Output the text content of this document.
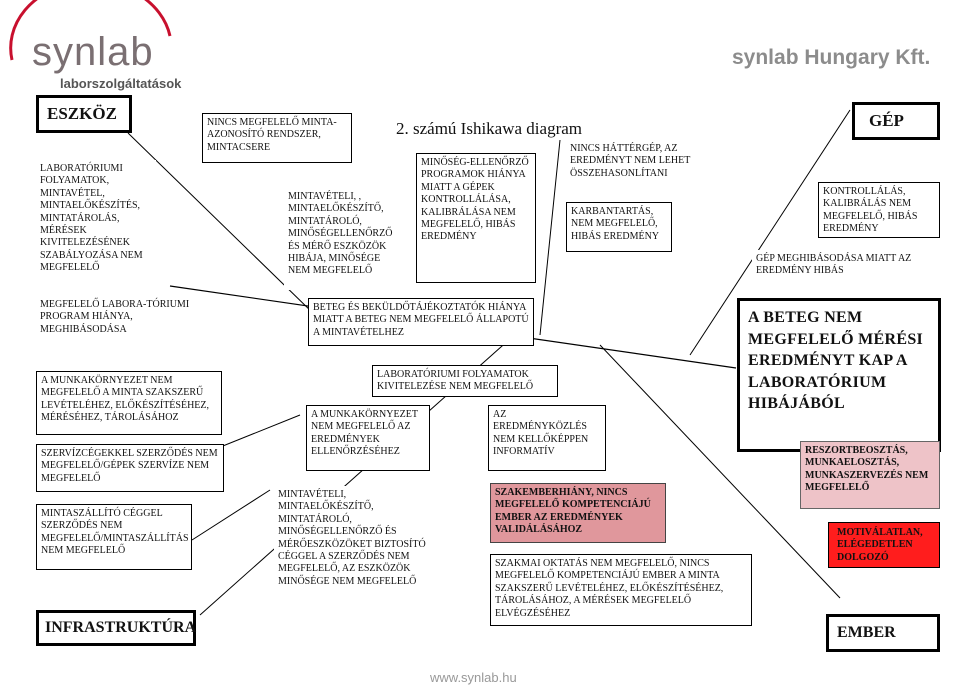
synlab
laborszolgáltatások
synlab Hungary Kft.
2. számú Ishikawa diagram
ESZKÖZ	GÉP
INFRASTRUKTÚRA	EMBER
A BETEG NEM MEGFELELŐ MÉRÉSI EREDMÉNYT KAP A LABORATÓRIUM HIBÁJÁBÓL
LABORATÓRIUMI FOLYAMATOK, MINTAVÉTEL, MINTAELŐKÉSZÍTÉS, MINTATÁROLÁS, MÉRÉSEK KIVITELEZÉSÉNEK SZABÁLYOZÁSA NEM MEGFELELŐ
NINCS MEGFELELŐ MINTA-AZONOSÍTÓ RENDSZER, MINTACSERE
MINTAVÉTELI, , MINTAELŐKÉSZÍTŐ, MINTATÁROLÓ, MINŐSÉGELLENŐRZŐ ÉS MÉRŐ ESZKÖZÖK HIBÁJA, MINŐSÉGE NEM MEGFELELŐ
MINŐSÉG-ELLENŐRZŐ PROGRAMOK HIÁNYA MIATT A GÉPEK KONTROLLÁLÁSA, KALIBRÁLÁSA NEM MEGFELELŐ, HIBÁS EREDMÉNY
NINCS HÁTTÉRGÉP, AZ EREDMÉNYT NEM LEHET ÖSSZEHASONLÍTANI
KARBANTARTÁS, NEM MEGFELELŐ, HIBÁS EREDMÉNY
KONTROLLÁLÁS, KALIBRÁLÁS NEM MEGFELELŐ, HIBÁS EREDMÉNY
GÉP MEGHIBÁSODÁSA MIATT AZ EREDMÉNY HIBÁS
MEGFELELŐ LABORA-TÓRIUMI PROGRAM HIÁNYA, MEGHIBÁSODÁSA
BETEG ÉS BEKÜLDŐTÁJÉKOZTATÓK HIÁNYA MIATT A BETEG NEM MEGFELELŐ ÁLLAPOTÚ A MINTAVÉTELHEZ
LABORATÓRIUMI FOLYAMATOK KIVITELEZÉSE NEM MEGFELELŐ
A MUNKAKÖRNYEZET NEM MEGFELELŐ A MINTA SZAKSZERŰ LEVÉTELÉHEZ, ELŐKÉSZÍTÉSÉHEZ, MÉRÉSÉHEZ, TÁROLÁSÁHOZ	A MUNKAKÖRNYEZET NEM MEGFELELŐ AZ EREDMÉNYEK ELLENŐRZÉSÉHEZ
AZ EREDMÉNYKÖZLÉS NEM KELLŐKÉPPEN INFORMATÍV
SZERVÍZCÉGEKKEL SZERZŐDÉS NEM MEGFELELŐ/GÉPEK SZERVÍZE NEM MEGFELELŐ
MINTASZÁLLÍTÓ CÉGGEL SZERZŐDÉS NEM MEGFELELŐ/MINTASZÁLLÍTÁS NEM MEGFELELŐ
MINTAVÉTELI, MINTAELŐKÉSZÍTŐ, MINTATÁROLÓ, MINŐSÉGELLENŐRZŐ ÉS MÉRŐESZKÖZÖKET BIZTOSÍTÓ CÉGGEL A SZERZŐDÉS NEM MEGFELELŐ, AZ ESZKÖZÖK MINŐSÉGE NEM MEGFELELŐ
SZAKEMBERHIÁNY, NINCS MEGFELELŐ KOMPETENCIÁJÚ EMBER AZ EREDMÉNYEK VALIDÁLÁSÁHOZ
SZAKMAI OKTATÁS NEM MEGFELELŐ, NINCS MEGFELELŐ KOMPETENCIÁJÚ EMBER A MINTA SZAKSZERŰ LEVÉTELÉHEZ, ELŐKÉSZÍTÉSÉHEZ, TÁROLÁSÁHOZ, A MÉRÉSEK MEGFELELŐ ELVÉGZÉSÉHEZ
RESZORTBEOSZTÁS, MUNKAELOSZTÁS, MUNKASZERVEZÉS NEM MEGFELELŐ
MOTIVÁLATLAN, ELÉGEDETLEN DOLGOZÓ
www.synlab.hu
